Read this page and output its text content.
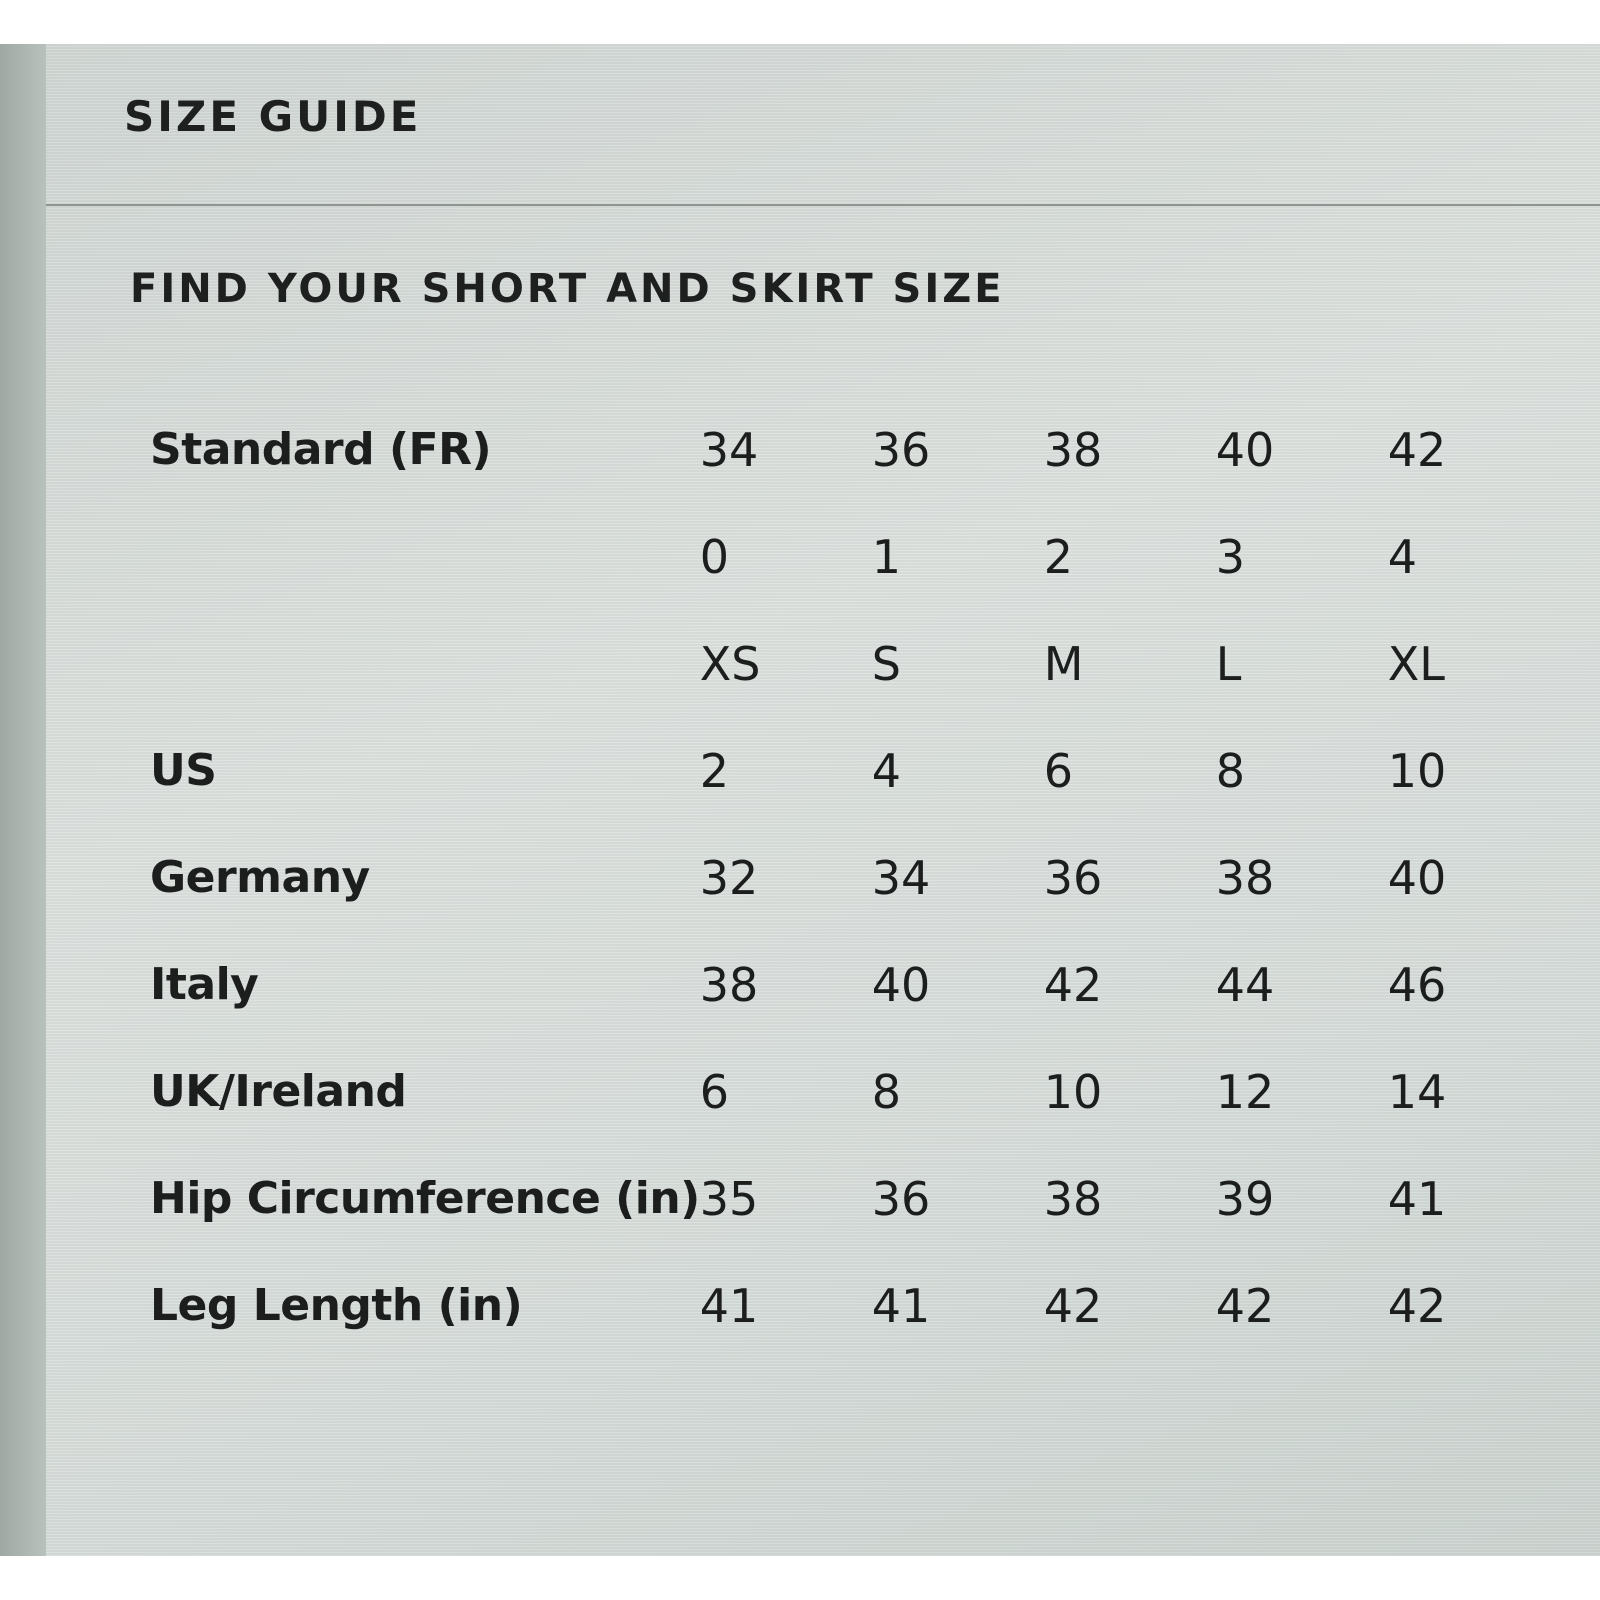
SIZE GUIDE
FIND YOUR SHORT AND SKIRT SIZE
Standard (FR)	34	36	38	40	42
	0	1	2	3	4
	XS	S	M	L	XL
US	2	4	6	8	10
Germany	32	34	36	38	40
Italy	38	40	42	44	46
UK/Ireland	6	8	10	12	14
Hip Circumference (in)	35	36	38	39	41
Leg Length (in)	41	41	42	42	42
